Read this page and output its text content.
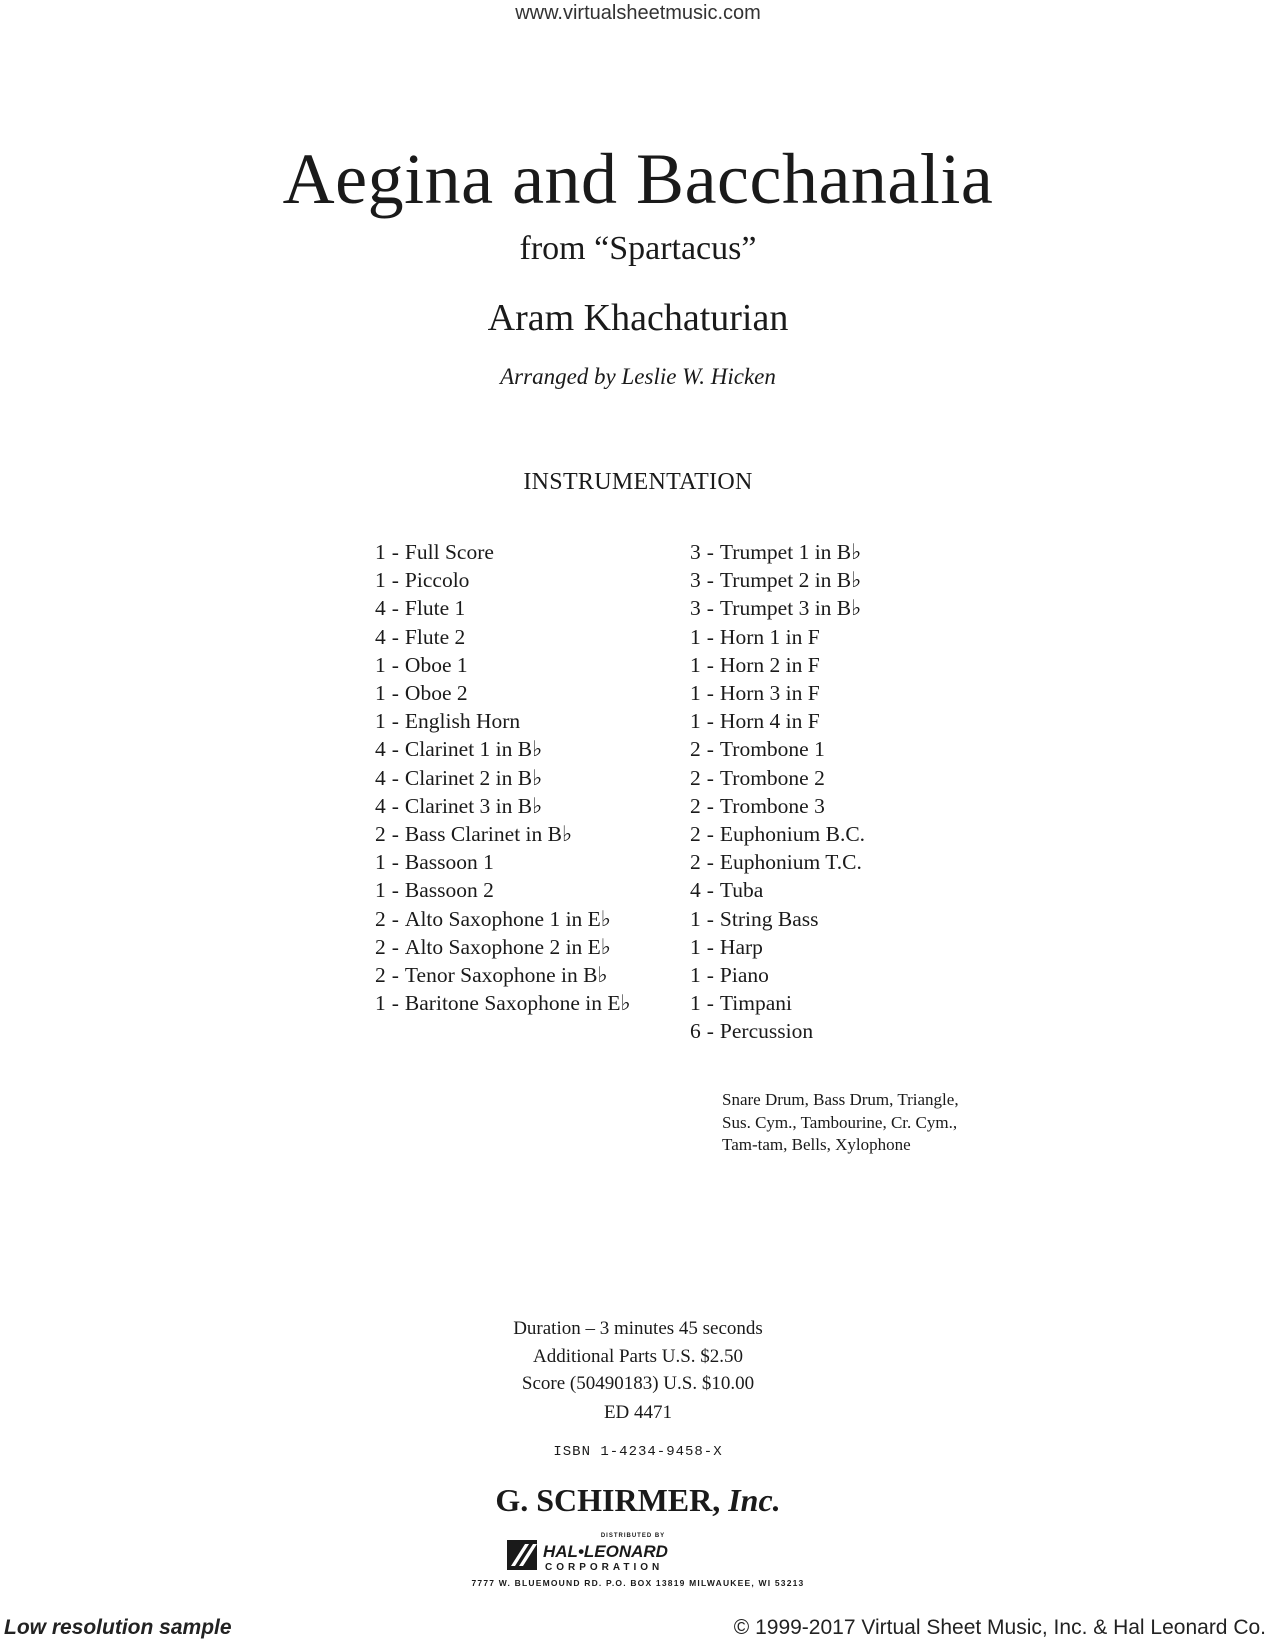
www.virtualsheetmusic.com
Aegina and Bacchanalia
from “Spartacus”
Aram Khachaturian
Arranged by Leslie W. Hicken
INSTRUMENTATION
1 - Full Score
1 - Piccolo
4 - Flute 1
4 - Flute 2
1 - Oboe 1
1 - Oboe 2
1 - English Horn
4 - Clarinet 1 in B♭
4 - Clarinet 2 in B♭
4 - Clarinet 3 in B♭
2 - Bass Clarinet in B♭
1 - Bassoon 1
1 - Bassoon 2
2 - Alto Saxophone 1 in E♭
2 - Alto Saxophone 2 in E♭
2 - Tenor Saxophone in B♭
1 - Baritone Saxophone in E♭
3 - Trumpet 1 in B♭
3 - Trumpet 2 in B♭
3 - Trumpet 3 in B♭
1 - Horn 1 in F
1 - Horn 2 in F
1 - Horn 3 in F
1 - Horn 4 in F
2 - Trombone 1
2 - Trombone 2
2 - Trombone 3
2 - Euphonium B.C.
2 - Euphonium T.C.
4 - Tuba
1 - String Bass
1 - Harp
1 - Piano
1 - Timpani
6 - Percussion
Snare Drum, Bass Drum, Triangle,
Sus. Cym., Tambourine, Cr. Cym.,
Tam-tam, Bells, Xylophone
Duration – 3 minutes 45 seconds
Additional Parts U.S. $2.50
Score (50490183) U.S. $10.00
ED 4471
ISBN 1-4234-9458-X
G. SCHIRMER, Inc.
DISTRIBUTED BY
HAL•LEONARD
CORPORATION
7777 W. BLUEMOUND RD. P.O. BOX 13819 MILWAUKEE, WI 53213
Low resolution sample	© 1999-2017 Virtual Sheet Music, Inc. & Hal Leonard Co.
